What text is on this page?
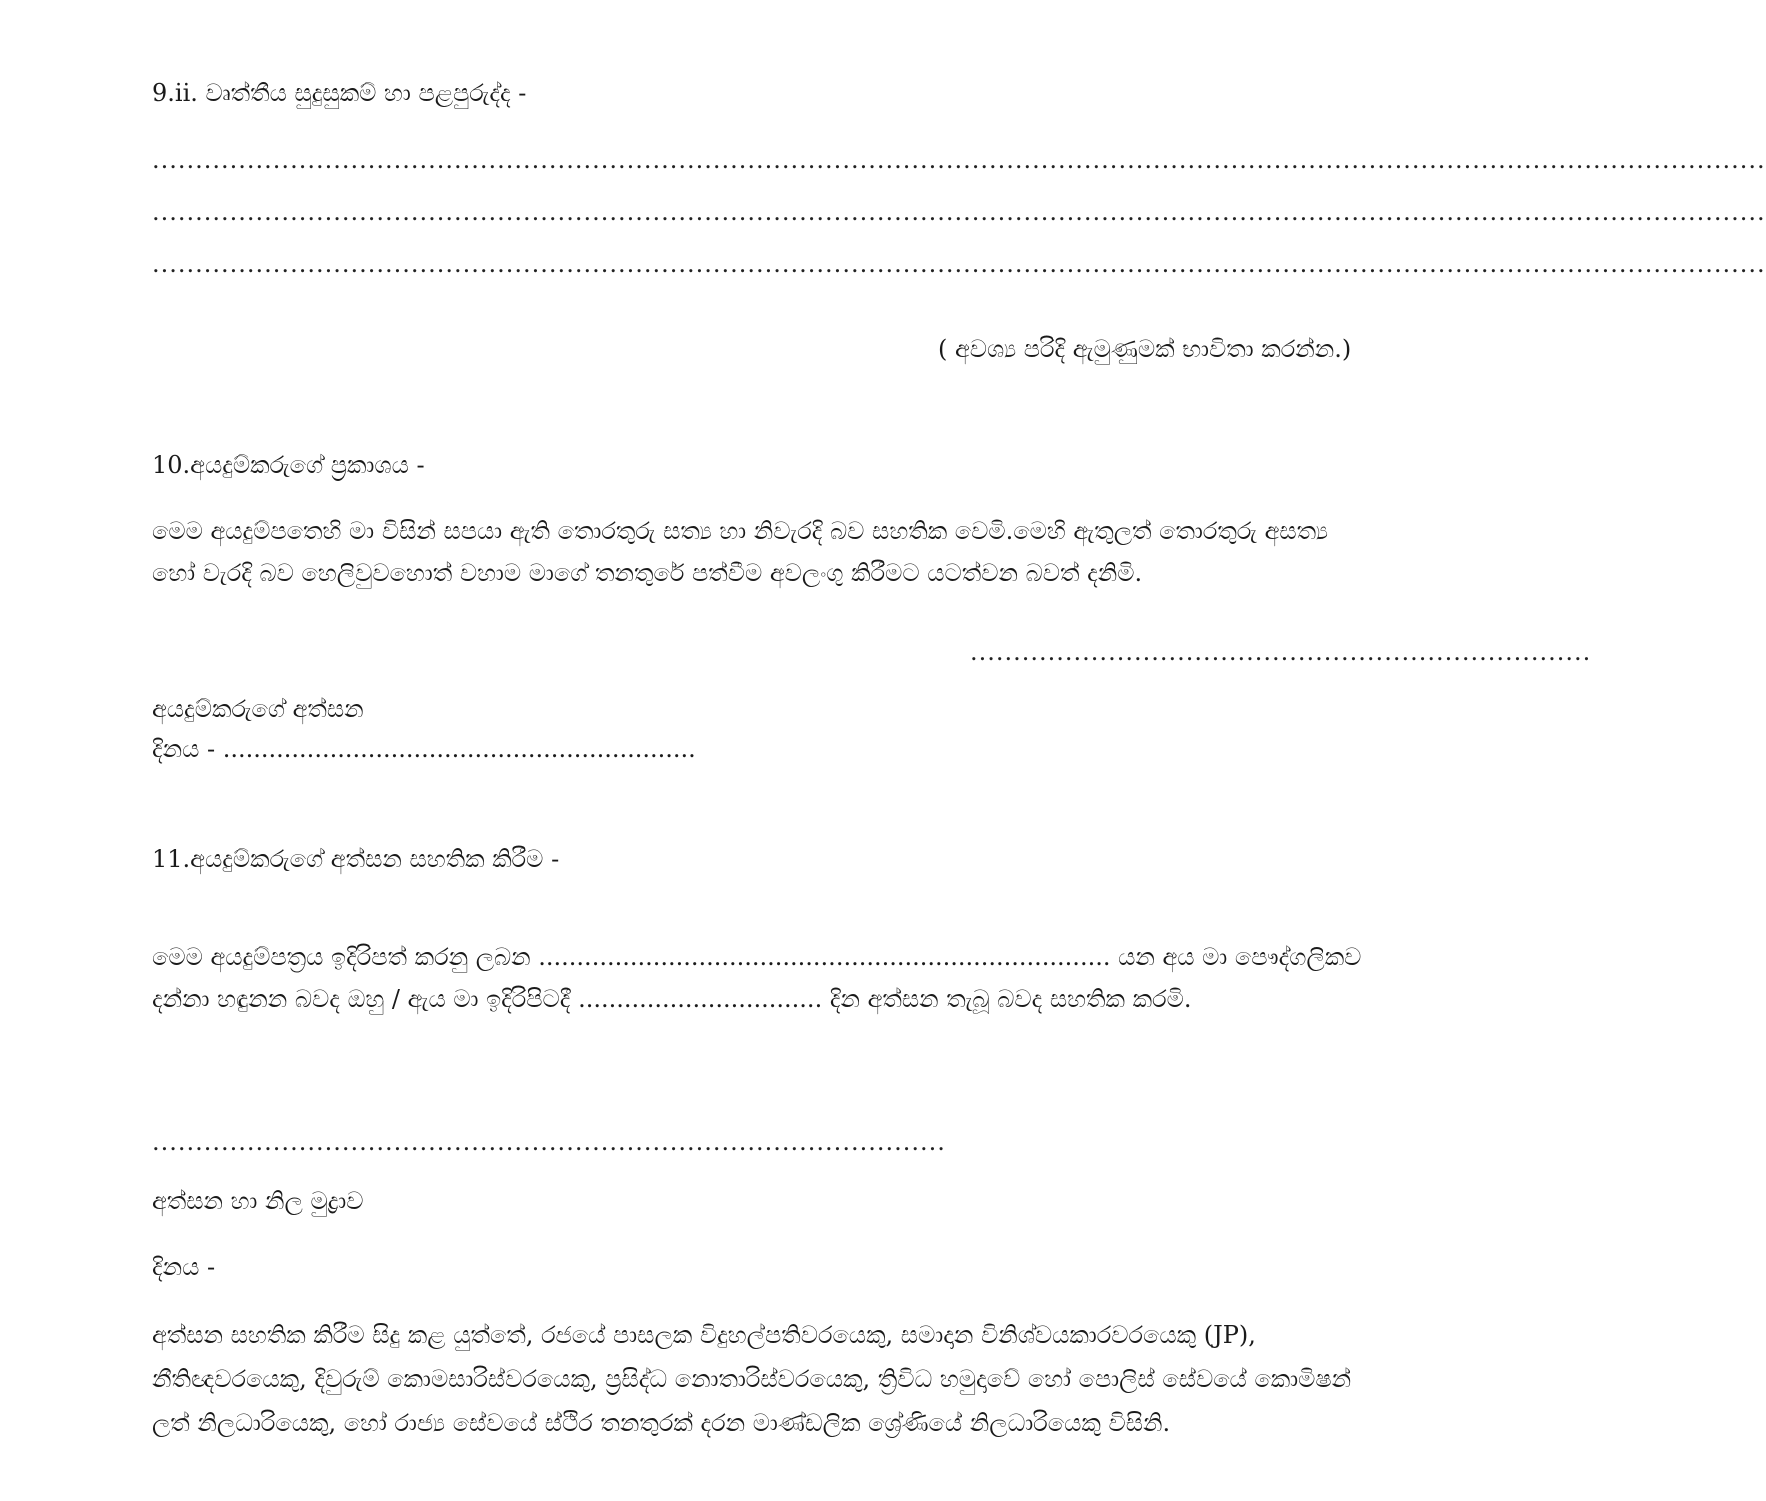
9.ii. වෘත්තීය සුදුසුකම් හා පළපුරුද්ද -
...........................................................................................................................................................................................
...........................................................................................................................................................................................
...........................................................................................................................................................................................
( අවශ්‍ය පරිදි ඇමුණුමක් භාවිතා කරන්න.)
10.අයදුම්කරුගේ ප්‍රකාශය -
මෙම අයදුම්පතෙහි මා විසින් සපයා ඇති තොරතුරු සත්‍ය හා නිවැරදි බව සහතික වෙමි.මෙහි ඇතුලත් තොරතුරු අසත්‍ය
හෝ වැරදි බව හෙලිවුවහොත් වහාම මාගේ තනතුරේ පත්වීම අවලංගු කිරීමට යටත්වන බවත් දනිමි.
........................................................................
අයදුම්කරුගේ අත්සන
දිනය - ..............................................................
11.අයදුම්කරුගේ අත්සන සහතික කිරීම -
මෙම අයදුම්පත්‍රය ඉදිරිපත් කරනු ලබන ........................................................................... යන අය මා පෞද්ගලිකව
දන්නා හඳුනන බවද ඔහු / ඇය මා ඉදිරිපිටදී ................................ දින අත්සන තැබූ බවද සහතික කරමි.
............................................................................................
අත්සන හා නිල මුද්‍රාව
දිනය -
අත්සන සහතික කිරීම සිදු කළ යුත්තේ, රජයේ පාසලක විදුහල්පතිවරයෙකු, සමාදාන විනිශ්වයකාරවරයෙකු (JP),
නීතිඥවරයෙකු, දිවුරුම් කොමසාරිස්වරයෙකු, ප්‍රසිද්ධ නොතාරිස්වරයෙකු, ත්‍රිවිධ හමුදාවේ හෝ පොලිස් සේවයේ කොමිෂන්
ලත් නිලධාරියෙකු, හෝ රාජ්‍ය සේවයේ ස්ථිර තනතුරක් දරන මාණ්ඩලික ශ්‍රේණියේ නිලධාරියෙකු විසිනි.
